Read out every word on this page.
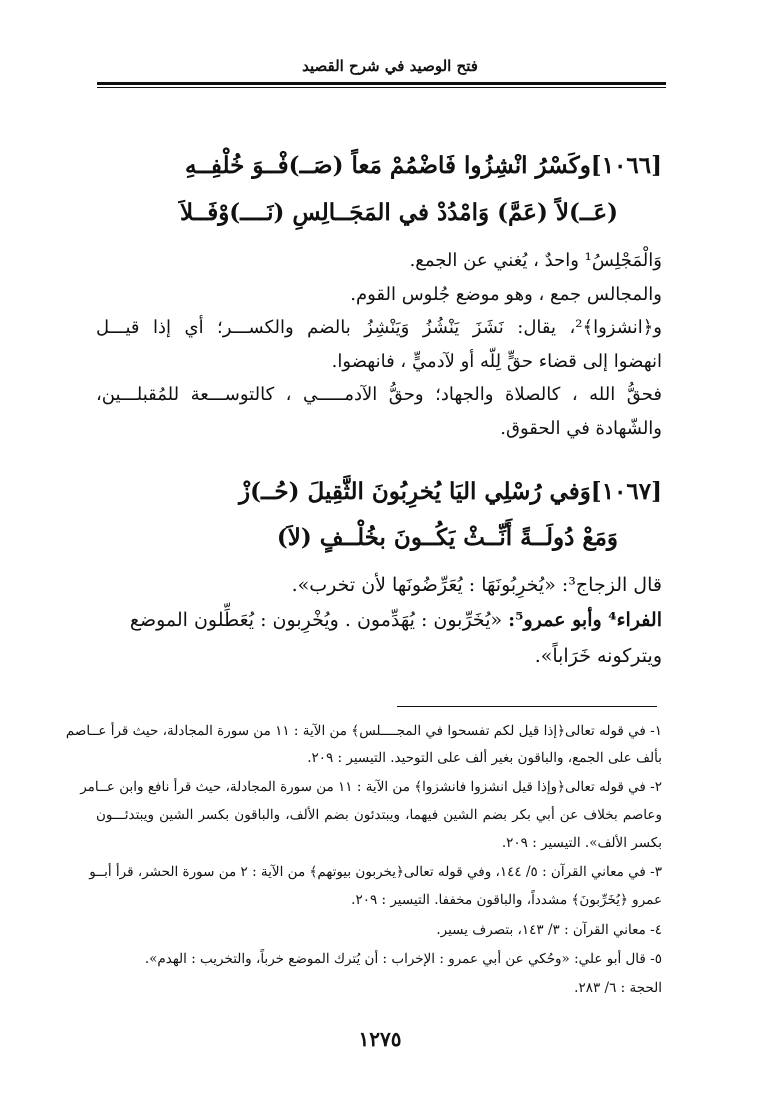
فتح الوصيد في شرح القصيد
[١٠٦٦]وكَسْرُ انْشِزُوا فَاضْمُمْ مَعاً (صَــ)فْــوَ خُلْفِــهِ
(عَــ)لاً (عَمَّ) وَامْدُدْ في المَجَــالِسِ (نَــــ)وْفَــلاَ
وَالْمَجْلِسُ¹ واحدٌ ، يُغني عن الجمع.
والمجالس جمع ، وهو موضع جُلوس القوم.
و﴿انشزوا﴾²، يقال: نَشَزَ يَنْشُزُ وَيَنْشِزُ بالضم والكســـر؛ أي إذا قيـــل
انهضوا إلى قضاء حقٍّ لِلّه أو لآدميٍّ ، فانهضوا.
فحقُّ الله ، كالصلاة والجهاد؛ وحقُّ الآدمـــــي ، كالتوســـعة للمُقبلـــين،
والشّهادة في الحقوق.
[١٠٦٧]وَفي رُسْلِي اليَا يُخرِبُونَ الثَّقِيلَ (حُــ)زْ
وَمَعْ دُولَــةً أَنِّــثْ يَكُــونَ بخُلْــفٍ (لاَ)
قال الزجاج³: «يُخرِبُونَهَا : يُعَرِّضُونَها لأن تخرب».
الفراء⁴ وأبو عمرو⁵: «يُخَرِّبون : يُهَدِّمون . ويُخْرِبون : يُعَطِّلون الموضع
ويتركونه خَرَاباً».
١- في قوله تعالى﴿إذا قيل لكم تفسحوا في المجــــلس﴾ من الآية : ١١ من سورة المجادلة، حيث قرأ عــاصم
بألف على الجمع، والباقون بغير ألف على التوحيد. التيسير : ٢٠٩.
٢- في قوله تعالى﴿وإذا قيل انشزوا فانشزوا﴾ من الآية : ١١ من سورة المجادلة، حيث قرأ نافع وابن عــامر
وعاصم بخلاف عن أبي بكر بضم الشين فيهما، ويبتدئون بضم الألف، والباقون بكسر الشين ويبتدئـــون
بكسر الألف». التيسير : ٢٠٩.
٣- في معاني القرآن : ٥/ ١٤٤، وفي قوله تعالى﴿يخربون بيوتهم﴾ من الآية : ٢ من سورة الحشر، قرأ أبــو
عمرو ﴿يُخَرِّبونَ﴾ مشدداً، والباقون مخففا. التيسير : ٢٠٩.
٤- معاني القرآن : ٣/ ١٤٣، بتصرف يسير.
٥- قال أبو علي: «وحُكي عن أبي عمرو : الإخراب : أن يُترك الموضع خرباً، والتخريب : الهدم».
الحجة : ٦/ ٢٨٣.
١٢٧٥
